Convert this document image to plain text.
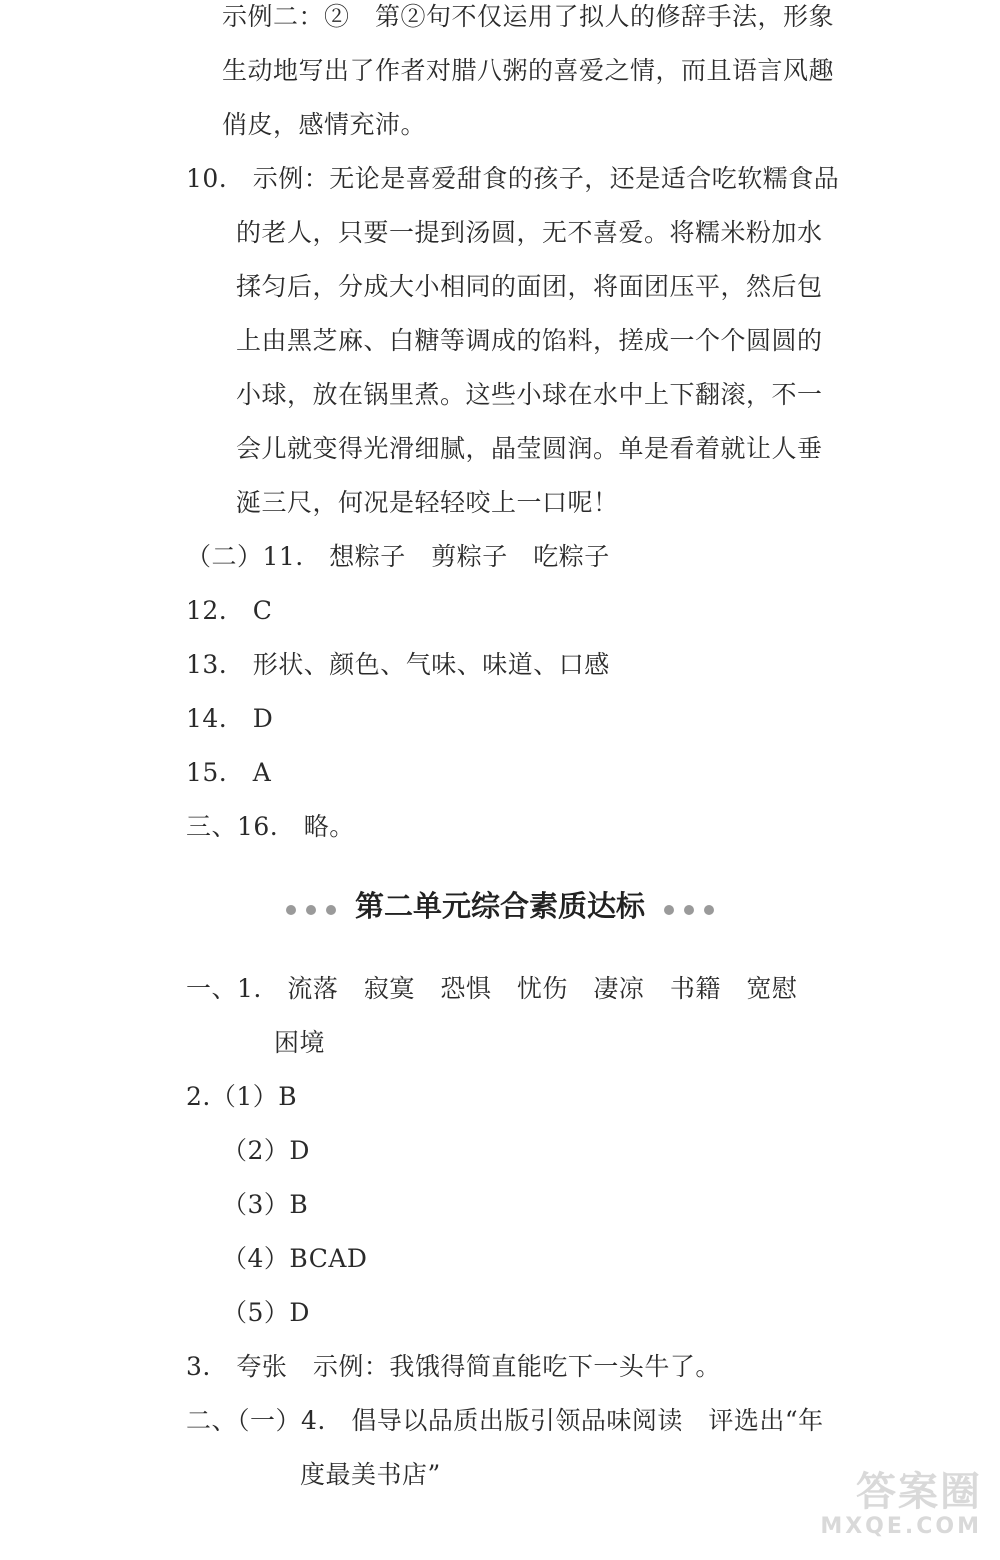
示例二：②　第②句不仅运用了拟人的修辞手法，形象
生动地写出了作者对腊八粥的喜爱之情，而且语言风趣
俏皮，感情充沛。
10.　示例：无论是喜爱甜食的孩子，还是适合吃软糯食品
的老人，只要一提到汤圆，无不喜爱。将糯米粉加水
揉匀后，分成大小相同的面团，将面团压平，然后包
上由黑芝麻、白糖等调成的馅料，搓成一个个圆圆的
小球，放在锅里煮。这些小球在水中上下翻滚，不一
会儿就变得光滑细腻，晶莹圆润。单是看着就让人垂
涎三尺，何况是轻轻咬上一口呢！
（二）11.　想粽子　剪粽子　吃粽子
12.　C
13.　形状、颜色、气味、味道、口感
14.　D
15.　A
三、16.　略。
第二单元综合素质达标
一、1.　流落　寂寞　恐惧　忧伤　凄凉　书籍　宽慰
困境
2.（1）B
（2）D
（3）B
（4）BCAD
（5）D
3.　夸张　示例：我饿得简直能吃下一头牛了。
二、（一）4.　倡导以品质出版引领品味阅读　评选出“年
度最美书店”	答案圈
MXQE.COM
